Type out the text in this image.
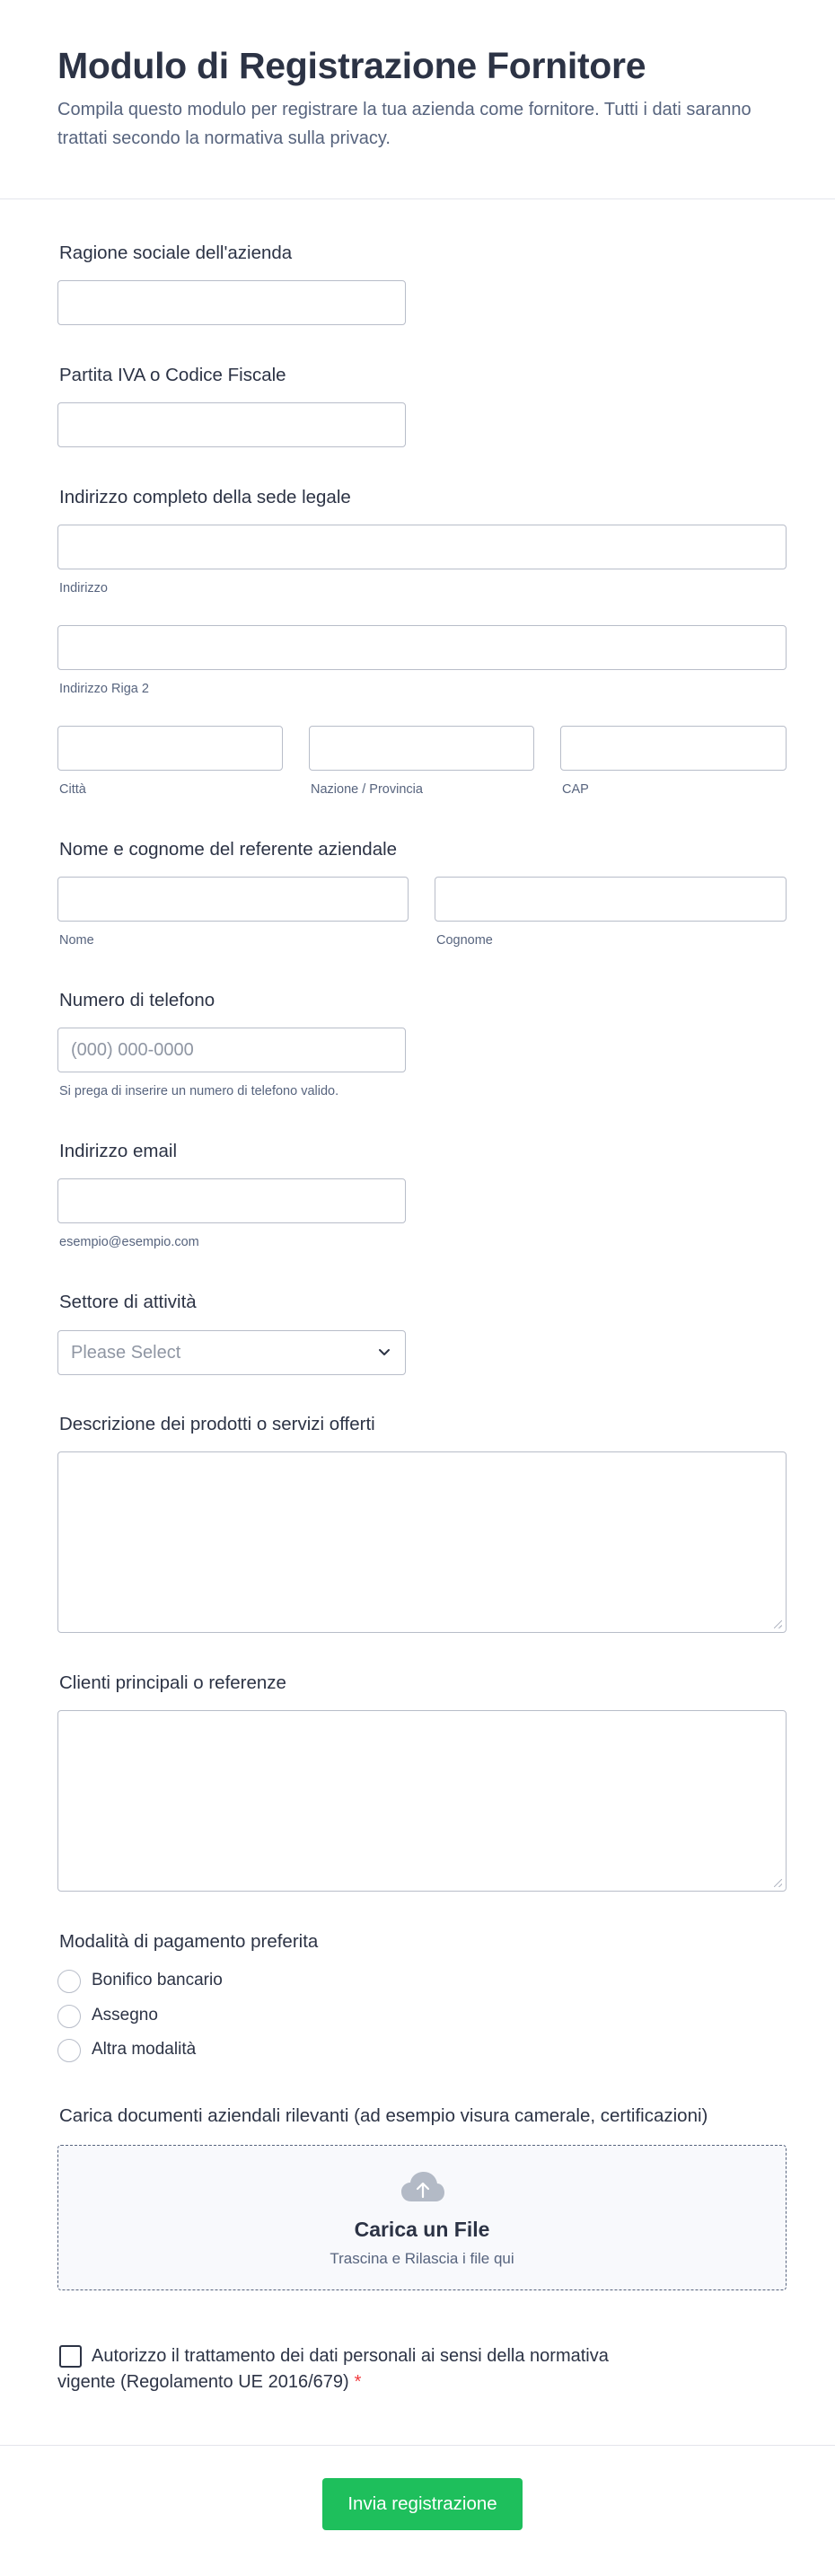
Modulo di Registrazione Fornitore

Compila questo modulo per registrare la tua azienda come fornitore. Tutti i dati saranno trattati secondo la normativa sulla privacy.

Ragione sociale dell'azienda
Partita IVA o Codice Fiscale
Indirizzo completo della sede legale
Indirizzo
Indirizzo Riga 2
Città	Nazione / Provincia	CAP
Nome e cognome del referente aziendale
Nome	Cognome
Numero di telefono
(000) 000-0000
Si prega di inserire un numero di telefono valido.
Indirizzo email
esempio@esempio.com
Settore di attività
Please Select
Descrizione dei prodotti o servizi offerti
Clienti principali o referenze
Modalità di pagamento preferita
Bonifico bancario
Assegno
Altra modalità
Carica documenti aziendali rilevanti (ad esempio visura camerale, certificazioni)
Carica un File
Trascina e Rilascia i file qui
Autorizzo il trattamento dei dati personali ai sensi della normativa vigente (Regolamento UE 2016/679) *
Invia registrazione
